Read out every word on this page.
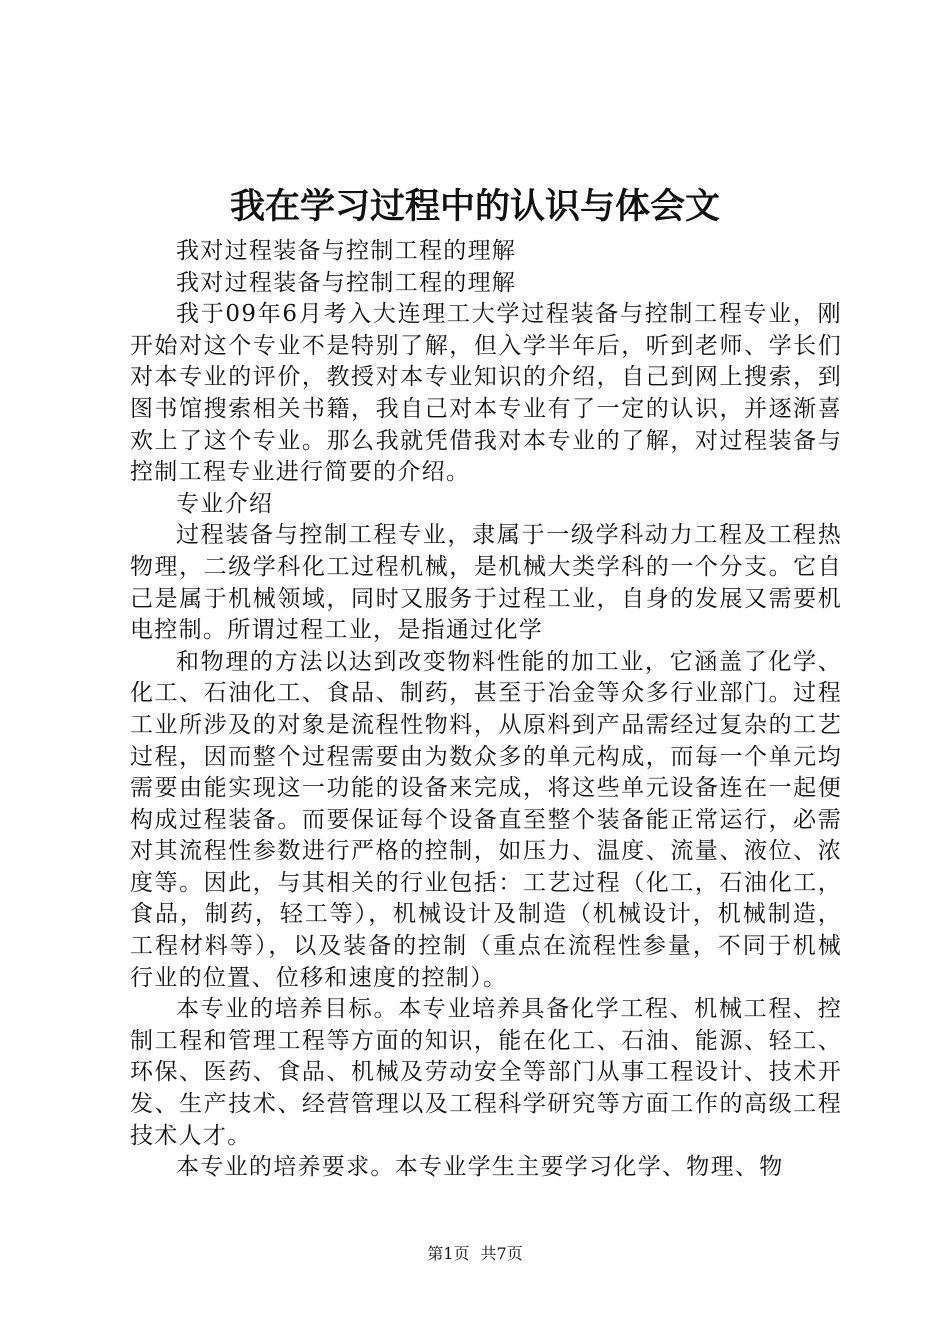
我在学习过程中的认识与体会文

我对过程装备与控制工程的理解

我对过程装备与控制工程的理解

我于09年6月考入大连理工大学过程装备与控制工程专业，刚开始对这个专业不是特别了解，但入学半年后，听到老师、学长们对本专业的评价，教授对本专业知识的介绍，自己到网上搜索，到图书馆搜索相关书籍，我自己对本专业有了一定的认识，并逐渐喜欢上了这个专业。那么我就凭借我对本专业的了解，对过程装备与控制工程专业进行简要的介绍。

专业介绍

过程装备与控制工程专业，隶属于一级学科动力工程及工程热物理，二级学科化工过程机械，是机械大类学科的一个分支。它自己是属于机械领域，同时又服务于过程工业，自身的发展又需要机电控制。所谓过程工业，是指通过化学

和物理的方法以达到改变物料性能的加工业，它涵盖了化学、化工、石油化工、食品、制药，甚至于冶金等众多行业部门。过程工业所涉及的对象是流程性物料，从原料到产品需经过复杂的工艺过程，因而整个过程需要由为数众多的单元构成，而每一个单元均需要由能实现这一功能的设备来完成，将这些单元设备连在一起便构成过程装备。而要保证每个设备直至整个装备能正常运行，必需对其流程性参数进行严格的控制，如压力、温度、流量、液位、浓度等。因此，与其相关的行业包括：工艺过程（化工，石油化工，食品，制药，轻工等），机械设计及制造（机械设计，机械制造，工程材料等），以及装备的控制（重点在流程性参量，不同于机械行业的位置、位移和速度的控制）。

本专业的培养目标。本专业培养具备化学工程、机械工程、控制工程和管理工程等方面的知识，能在化工、石油、能源、轻工、环保、医药、食品、机械及劳动安全等部门从事工程设计、技术开发、生产技术、经营管理以及工程科学研究等方面工作的高级工程技术人才。

本专业的培养要求。本专业学生主要学习化学、物理、物

第1页 共7页
